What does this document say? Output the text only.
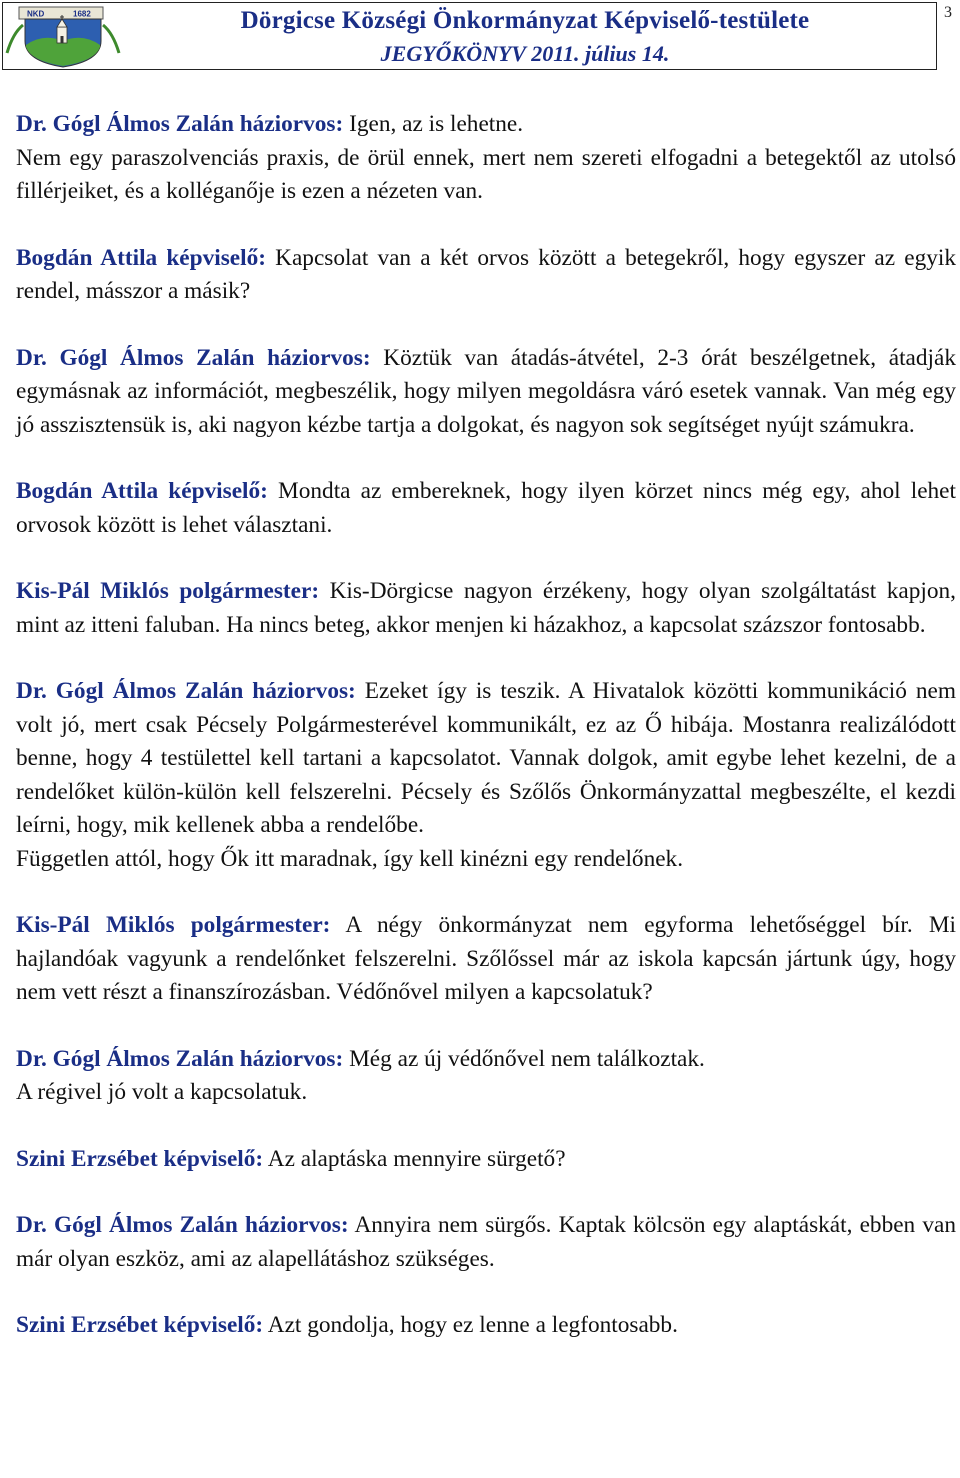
NKD	1682	Dörgicse Községi Önkormányzat Képviselő-testülete
JEGYŐKÖNYV 2011. július 14.
3

Dr. Gógl Álmos Zalán háziorvos: Igen, az is lehetne.

Nem egy paraszolvenciás praxis, de örül ennek, mert nem szereti elfogadni a betegektől az utolsó fillérjeiket, és a kolléganője is ezen a nézeten van.

Bogdán Attila képviselő: Kapcsolat van a két orvos között a betegekről, hogy egyszer az egyik rendel, másszor a másik?

Dr. Gógl Álmos Zalán háziorvos: Köztük van átadás-átvétel, 2-3 órát beszélgetnek, átadják egymásnak az információt, megbeszélik, hogy milyen megoldásra váró esetek vannak. Van még egy jó asszisztensük is, aki nagyon kézbe tartja a dolgokat, és nagyon sok segítséget nyújt számukra.

Bogdán Attila képviselő: Mondta az embereknek, hogy ilyen körzet nincs még egy, ahol lehet orvosok között is lehet választani.

Kis-Pál Miklós polgármester: Kis-Dörgicse nagyon érzékeny, hogy olyan szolgáltatást kapjon, mint az itteni faluban. Ha nincs beteg, akkor menjen ki házakhoz, a kapcsolat százszor fontosabb.

Dr. Gógl Álmos Zalán háziorvos: Ezeket így is teszik. A Hivatalok közötti kommunikáció nem volt jó, mert csak Pécsely Polgármesterével kommunikált, ez az Ő hibája. Mostanra realizálódott benne, hogy 4 testülettel kell tartani a kapcsolatot. Vannak dolgok, amit egybe lehet kezelni, de a rendelőket külön-külön kell felszerelni. Pécsely és Szőlős Önkormányzattal megbeszélte, el kezdi leírni, hogy, mik kellenek abba a rendelőbe.

Független attól, hogy Ők itt maradnak, így kell kinézni egy rendelőnek.

Kis-Pál Miklós polgármester: A négy önkormányzat nem egyforma lehetőséggel bír. Mi hajlandóak vagyunk a rendelőnket felszerelni. Szőlőssel már az iskola kapcsán jártunk úgy, hogy nem vett részt a finanszírozásban. Védőnővel milyen a kapcsolatuk?

Dr. Gógl Álmos Zalán háziorvos: Még az új védőnővel nem találkoztak.

A régivel jó volt a kapcsolatuk.

Szini Erzsébet képviselő: Az alaptáska mennyire sürgető?

Dr. Gógl Álmos Zalán háziorvos: Annyira nem sürgős. Kaptak kölcsön egy alaptáskát, ebben van már olyan eszköz, ami az alapellátáshoz szükséges.

Szini Erzsébet képviselő: Azt gondolja, hogy ez lenne a legfontosabb.
